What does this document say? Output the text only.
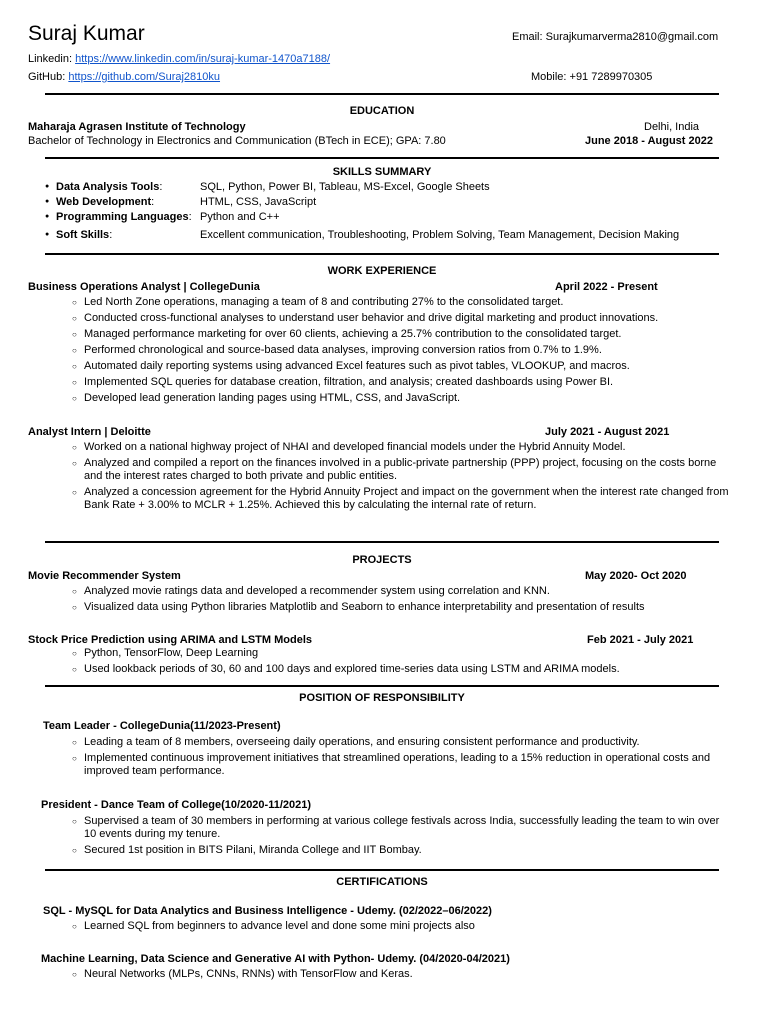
Suraj Kumar	Email: Surajkumarverma2810@gmail.com
Linkedin: https://www.linkedin.com/in/suraj-kumar-1470a7188/
GitHub: https://github.com/Suraj2810ku	Mobile: +91 7289970305
EDUCATION
Maharaja Agrasen Institute of Technology	Delhi, India
Bachelor of Technology in Electronics and Communication (BTech in ECE); GPA: 7.80	June 2018 - August 2022
SKILLS SUMMARY
● Data Analysis Tools:	SQL, Python, Power BI, Tableau, MS-Excel, Google Sheets
● Web Development:	HTML, CSS, JavaScript
● Programming Languages: Python and C++
● Soft Skills:	Excellent communication, Troubleshooting, Problem Solving, Team Management, Decision Making
WORK EXPERIENCE
Business Operations Analyst | CollegeDunia	April 2022 - Present
○ Led North Zone operations, managing a team of 8 and contributing 27% to the consolidated target.
○ Conducted cross-functional analyses to understand user behavior and drive digital marketing and product innovations.
○ Managed performance marketing for over 60 clients, achieving a 25.7% contribution to the consolidated target.
○ Performed chronological and source-based data analyses, improving conversion ratios from 0.7% to 1.9%.
○ Automated daily reporting systems using advanced Excel features such as pivot tables, VLOOKUP, and macros.
○ Implemented SQL queries for database creation, filtration, and analysis; created dashboards using Power BI.
○ Developed lead generation landing pages using HTML, CSS, and JavaScript.
Analyst Intern | Deloitte	July 2021 - August 2021
○ Worked on a national highway project of NHAI and developed financial models under the Hybrid Annuity Model.
○ Analyzed and compiled a report on the finances involved in a public-private partnership (PPP) project, focusing on the costs borne and the interest rates charged to both private and public entities.
○ Analyzed a concession agreement for the Hybrid Annuity Project and impact on the government when the interest rate changed from Bank Rate + 3.00% to MCLR + 1.25%. Achieved this by calculating the internal rate of return.
PROJECTS
Movie Recommender System	May 2020- Oct 2020
○ Analyzed movie ratings data and developed a recommender system using correlation and KNN.
○ Visualized data using Python libraries Matplotlib and Seaborn to enhance interpretability and presentation of results
Stock Price Prediction using ARIMA and LSTM Models	Feb 2021 - July 2021
○ Python, TensorFlow, Deep Learning
○ Used lookback periods of 30, 60 and 100 days and explored time-series data using LSTM and ARIMA models.
POSITION OF RESPONSIBILITY
Team Leader - CollegeDunia(11/2023-Present)
○ Leading a team of 8 members, overseeing daily operations, and ensuring consistent performance and productivity.
○ Implemented continuous improvement initiatives that streamlined operations, leading to a 15% reduction in operational costs and improved team performance.
President - Dance Team of College(10/2020-11/2021)
○ Supervised a team of 30 members in performing at various college festivals across India, successfully leading the team to win over 10 events during my tenure.
○ Secured 1st position in BITS Pilani, Miranda College and IIT Bombay.
CERTIFICATIONS
SQL - MySQL for Data Analytics and Business Intelligence - Udemy. (02/2022–06/2022)
○ Learned SQL from beginners to advance level and done some mini projects also
Machine Learning, Data Science and Generative AI with Python- Udemy. (04/2020-04/2021)
○ Neural Networks (MLPs, CNNs, RNNs) with TensorFlow and Keras.
